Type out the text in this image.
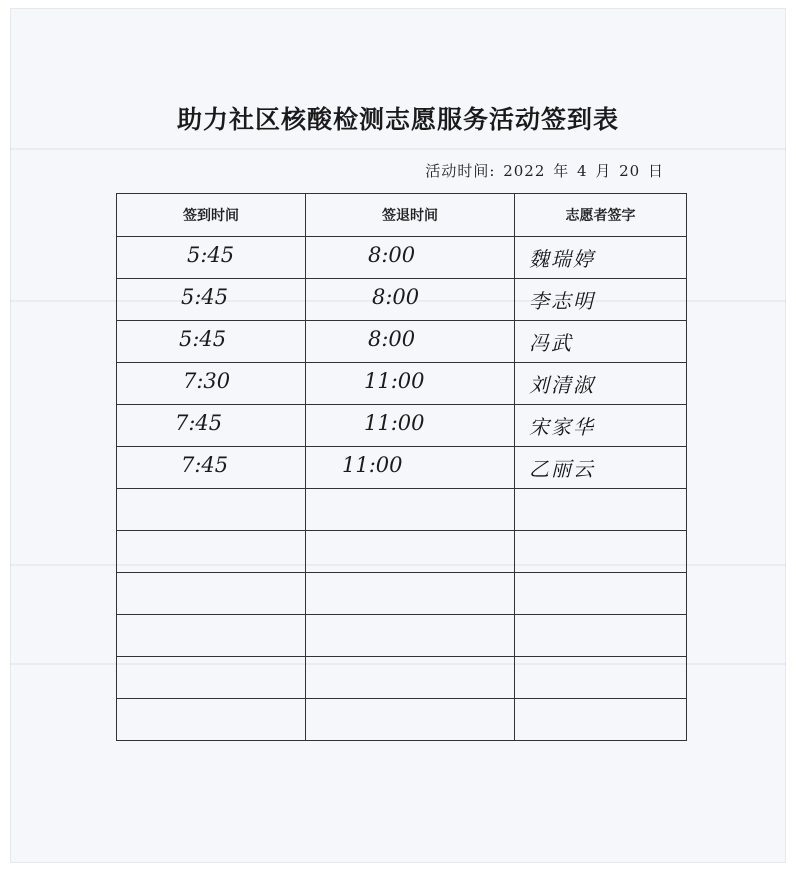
助力社区核酸检测志愿服务活动签到表
活动时间: 2022 年 4 月 20 日
签到时间	签退时间	志愿者签字

5:45	8:00	魏瑞婷

5:45	8:00	李志明

5:45	8:00	冯武

7:30	11:00	刘清淑

7:45	11:00	宋家华

7:45	11:00	乙丽云
